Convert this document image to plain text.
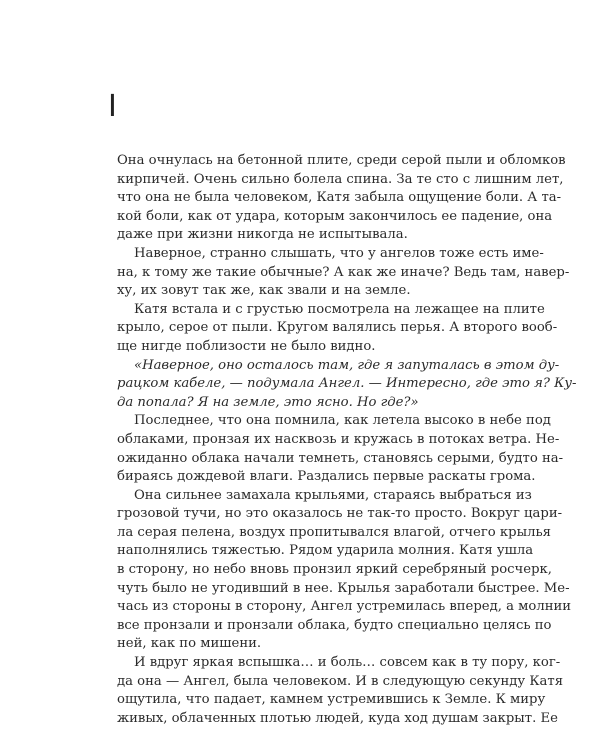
I
Она очнулась на бетонной плите, среди серой пыли и обломков
кирпичей. Очень сильно болела спина. За те сто с лишним лет,
что она не была человеком, Катя забыла ощущение боли. А та-
кой боли, как от удара, которым закончилось ее падение, она
даже при жизни никогда не испытывала.
Наверное, странно слышать, что у ангелов тоже есть име-
на, к тому же такие обычные? А как же иначе? Ведь там, навер-
ху, их зовут так же, как звали и на земле.
Катя встала и с грустью посмотрела на лежащее на плите
крыло, серое от пыли. Кругом валялись перья. А второго вооб-
ще нигде поблизости не было видно.
«Наверное, оно осталось там, где я запуталась в этом ду-
рацком кабеле, — подумала Ангел. — Интересно, где это я? Ку-
да попала? Я на земле, это ясно. Но где?»
Последнее, что она помнила, как летела высоко в небе под
облаками, пронзая их насквозь и кружась в потоках ветра. Не-
ожиданно облака начали темнеть, становясь серыми, будто на-
бираясь дождевой влаги. Раздались первые раскаты грома.
Она сильнее замахала крыльями, стараясь выбраться из
грозовой тучи, но это оказалось не так-то просто. Вокруг цари-
ла серая пелена, воздух пропитывался влагой, отчего крылья
наполнялись тяжестью. Рядом ударила молния. Катя ушла
в сторону, но небо вновь пронзил яркий серебряный росчерк,
чуть было не угодивший в нее. Крылья заработали быстрее. Ме-
чась из стороны в сторону, Ангел устремилась вперед, а молнии
все пронзали и пронзали облака, будто специально целясь по
ней, как по мишени.
И вдруг яркая вспышка… и боль… совсем как в ту пору, ког-
да она — Ангел, была человеком. И в следующую секунду Катя
ощутила, что падает, камнем устремившись к Земле. К миру
живых, облаченных плотью людей, куда ход душам закрыт. Ее
